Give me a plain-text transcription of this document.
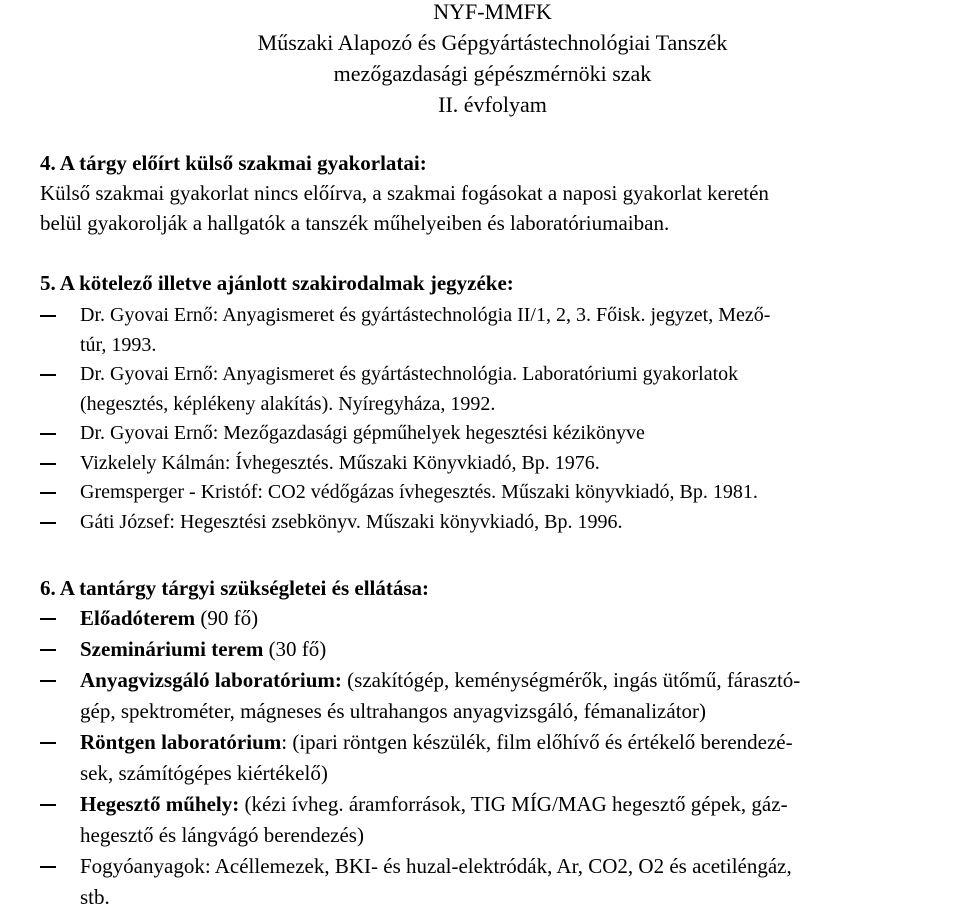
NYF-MMFK
Műszaki Alapozó és Gépgyártástechnológiai Tanszék
mezőgazdasági gépészmérnöki szak
II. évfolyam
4. A tárgy előírt külső szakmai gyakorlatai:
Külső szakmai gyakorlat nincs előírva, a szakmai fogásokat a naposi gyakorlat keretén
belül gyakorolják a hallgatók a tanszék műhelyeiben és laboratóriumaiban.
5. A kötelező illetve ajánlott szakirodalmak jegyzéke:
Dr. Gyovai Ernő: Anyagismeret és gyártástechnológia II/1, 2, 3. Főisk. jegyzet, Mező-
túr, 1993.
Dr. Gyovai Ernő: Anyagismeret és gyártástechnológia. Laboratóriumi gyakorlatok
(hegesztés, képlékeny alakítás). Nyíregyháza, 1992.
Dr. Gyovai Ernő: Mezőgazdasági gépműhelyek hegesztési kézikönyve
Vizkelely Kálmán: Ívhegesztés. Műszaki Könyvkiadó, Bp. 1976.
Gremsperger - Kristóf: CO2 védőgázas ívhegesztés. Műszaki könyvkiadó, Bp. 1981.
Gáti József: Hegesztési zsebkönyv. Műszaki könyvkiadó, Bp. 1996.
6. A tantárgy tárgyi szükségletei és ellátása:
Előadóterem (90 fő)
Szemináriumi terem (30 fő)
Anyagvizsgáló laboratórium: (szakítógép, keménységmérők, ingás ütőmű, fárasztó-
gép, spektrométer, mágneses és ultrahangos anyagvizsgáló, fémanalizátor)
Röntgen laboratórium: (ipari röntgen készülék, film előhívő és értékelő berendezé-
sek, számítógépes kiértékelő)
Hegesztő műhely: (kézi ívheg. áramforrások, TIG MÍG/MAG hegesztő gépek, gáz-
hegesztő és lángvágó berendezés)
Fogyóanyagok: Acéllemezek, BKI- és huzal-elektródák, Ar, CO2, O2 és acetiléngáz,
stb.
